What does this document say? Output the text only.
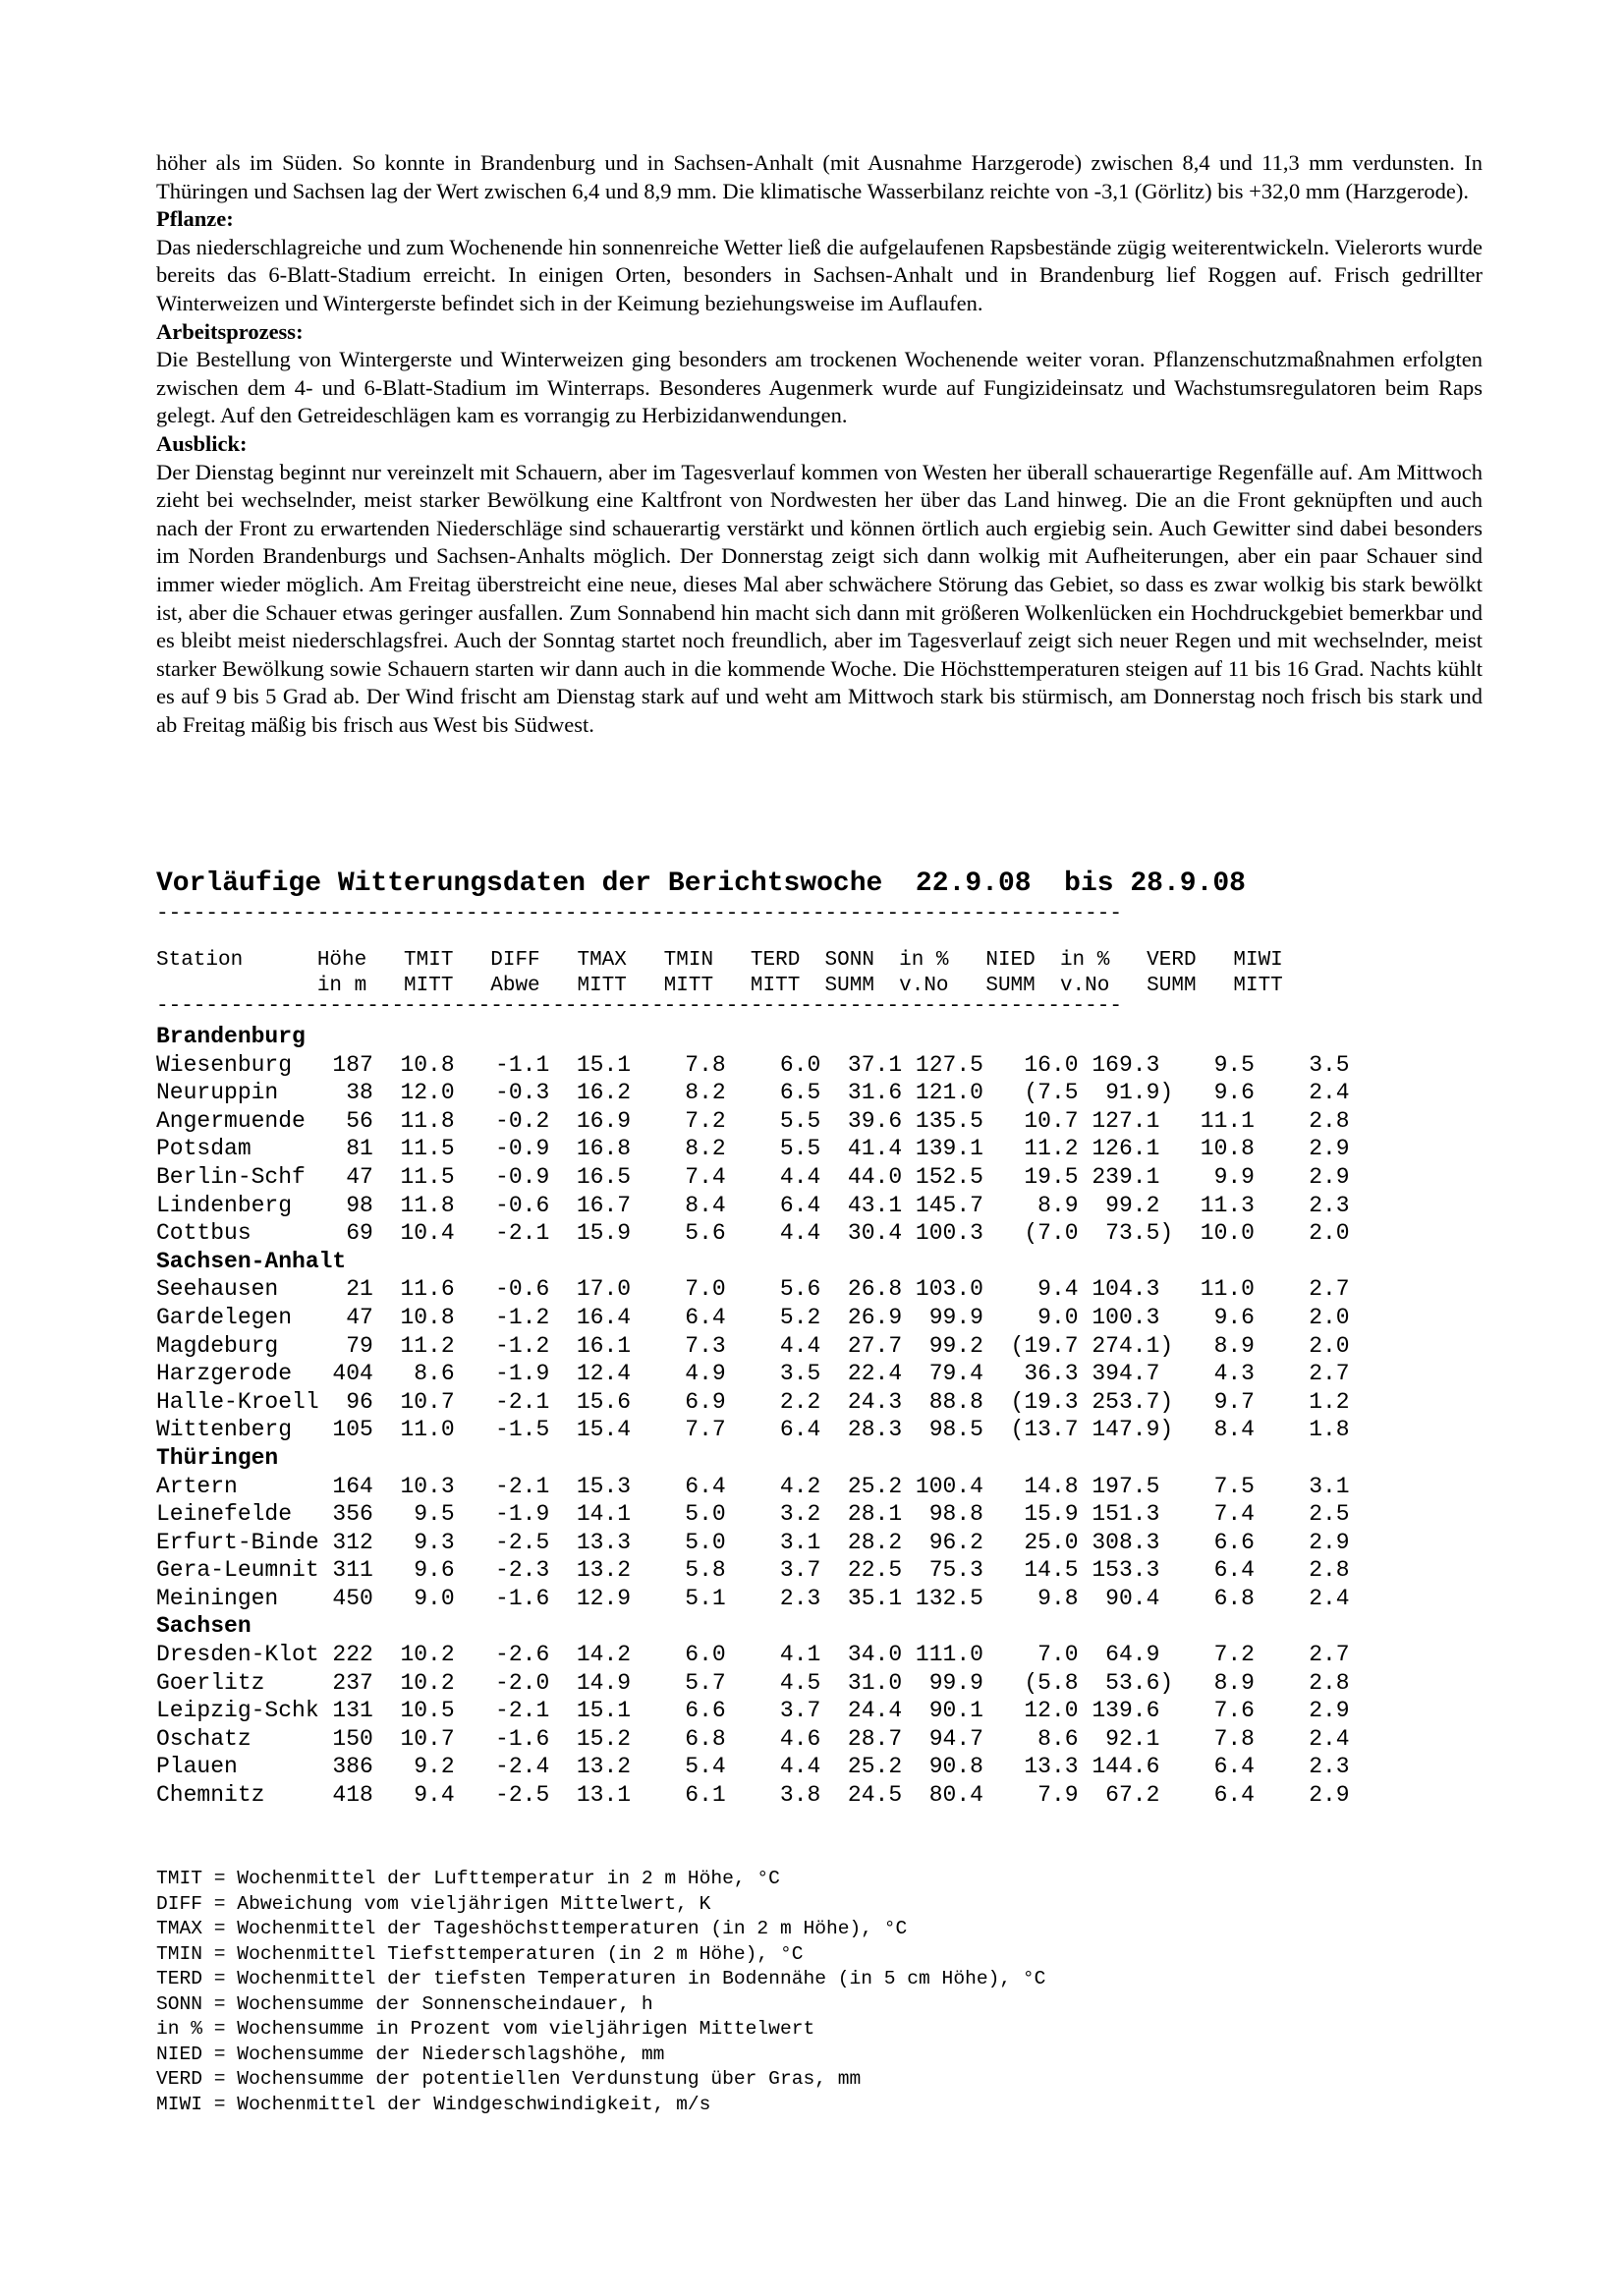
höher als im Süden. So konnte in Brandenburg und in Sachsen-Anhalt (mit Ausnahme Harzgerode) zwischen 8,4 und 11,3 mm verdunsten. In Thüringen und Sachsen lag der Wert zwischen 6,4 und 8,9 mm. Die klimatische Wasserbilanz reichte von -3,1 (Görlitz) bis +32,0 mm (Harzgerode).

Pflanze:

Das niederschlagreiche und zum Wochenende hin sonnenreiche Wetter ließ die aufgelaufenen Rapsbestände zügig weiterentwickeln. Vielerorts wurde bereits das 6-Blatt-Stadium erreicht. In einigen Orten, besonders in Sachsen-Anhalt und in Brandenburg lief Roggen auf. Frisch gedrillter Winterweizen und Wintergerste befindet sich in der Keimung beziehungsweise im Auflaufen.

Arbeitsprozess:

Die Bestellung von Wintergerste und Winterweizen ging besonders am trockenen Wochenende weiter voran. Pflanzenschutzmaßnahmen erfolgten zwischen dem 4- und 6-Blatt-Stadium im Winterraps. Besonderes Augenmerk wurde auf Fungizideinsatz und Wachstumsregulatoren beim Raps gelegt. Auf den Getreideschlägen kam es vorrangig zu Herbizidanwendungen.

Ausblick:

Der Dienstag beginnt nur vereinzelt mit Schauern, aber im Tagesverlauf kommen von Westen her überall schauerartige Regenfälle auf. Am Mittwoch zieht bei wechselnder, meist starker Bewölkung eine Kaltfront von Nordwesten her über das Land hinweg. Die an die Front geknüpften und auch nach der Front zu erwartenden Niederschläge sind schauerartig verstärkt und können örtlich auch ergiebig sein. Auch Gewitter sind dabei besonders im Norden Brandenburgs und Sachsen-Anhalts möglich. Der Donnerstag zeigt sich dann wolkig mit Aufheiterungen, aber ein paar Schauer sind immer wieder möglich. Am Freitag überstreicht eine neue, dieses Mal aber schwächere Störung das Gebiet, so dass es zwar wolkig bis stark bewölkt ist, aber die Schauer etwas geringer ausfallen. Zum Sonnabend hin macht sich dann mit größeren Wolkenlücken ein Hochdruckgebiet bemerkbar und es bleibt meist niederschlagsfrei. Auch der Sonntag startet noch freundlich, aber im Tagesverlauf zeigt sich neuer Regen und mit wechselnder, meist starker Bewölkung sowie Schauern starten wir dann auch in die kommende Woche. Die Höchsttemperaturen steigen auf 11 bis 16 Grad. Nachts kühlt es auf 9 bis 5 Grad ab. Der Wind frischt am Dienstag stark auf und weht am Mittwoch stark bis stürmisch, am Donnerstag noch frisch bis stark und ab Freitag mäßig bis frisch aus West bis Südwest.

Vorläufige Witterungsdaten der Berichtswoche  22.9.08  bis 28.9.08
------------------------------------------------------------------------------
Station      Höhe   TMIT   DIFF   TMAX   TMIN   TERD  SONN  in %   NIED  in %   VERD   MIWI
in m   MITT   Abwe   MITT   MITT   MITT  SUMM  v.No   SUMM  v.No   SUMM   MITT
------------------------------------------------------------------------------
Brandenburg
Wiesenburg   187  10.8   -1.1  15.1    7.8    6.0  37.1 127.5   16.0 169.3    9.5    3.5
Neuruppin     38  12.0   -0.3  16.2    8.2    6.5  31.6 121.0   (7.5  91.9)   9.6    2.4
Angermuende   56  11.8   -0.2  16.9    7.2    5.5  39.6 135.5   10.7 127.1   11.1    2.8
Potsdam       81  11.5   -0.9  16.8    8.2    5.5  41.4 139.1   11.2 126.1   10.8    2.9
Berlin-Schf   47  11.5   -0.9  16.5    7.4    4.4  44.0 152.5   19.5 239.1    9.9    2.9
Lindenberg    98  11.8   -0.6  16.7    8.4    6.4  43.1 145.7    8.9  99.2   11.3    2.3
Cottbus       69  10.4   -2.1  15.9    5.6    4.4  30.4 100.3   (7.0  73.5)  10.0    2.0
Sachsen-Anhalt
Seehausen     21  11.6   -0.6  17.0    7.0    5.6  26.8 103.0    9.4 104.3   11.0    2.7
Gardelegen    47  10.8   -1.2  16.4    6.4    5.2  26.9  99.9    9.0 100.3    9.6    2.0
Magdeburg     79  11.2   -1.2  16.1    7.3    4.4  27.7  99.2  (19.7 274.1)   8.9    2.0
Harzgerode   404   8.6   -1.9  12.4    4.9    3.5  22.4  79.4   36.3 394.7    4.3    2.7
Halle-Kroell  96  10.7   -2.1  15.6    6.9    2.2  24.3  88.8  (19.3 253.7)   9.7    1.2
Wittenberg   105  11.0   -1.5  15.4    7.7    6.4  28.3  98.5  (13.7 147.9)   8.4    1.8
Thüringen
Artern       164  10.3   -2.1  15.3    6.4    4.2  25.2 100.4   14.8 197.5    7.5    3.1
Leinefelde   356   9.5   -1.9  14.1    5.0    3.2  28.1  98.8   15.9 151.3    7.4    2.5
Erfurt-Binde 312   9.3   -2.5  13.3    5.0    3.1  28.2  96.2   25.0 308.3    6.6    2.9
Gera-Leumnit 311   9.6   -2.3  13.2    5.8    3.7  22.5  75.3   14.5 153.3    6.4    2.8
Meiningen    450   9.0   -1.6  12.9    5.1    2.3  35.1 132.5    9.8  90.4    6.8    2.4
Sachsen
Dresden-Klot 222  10.2   -2.6  14.2    6.0    4.1  34.0 111.0    7.0  64.9    7.2    2.7
Goerlitz     237  10.2   -2.0  14.9    5.7    4.5  31.0  99.9   (5.8  53.6)   8.9    2.8
Leipzig-Schk 131  10.5   -2.1  15.1    6.6    3.7  24.4  90.1   12.0 139.6    7.6    2.9
Oschatz      150  10.7   -1.6  15.2    6.8    4.6  28.7  94.7    8.6  92.1    7.8    2.4
Plauen       386   9.2   -2.4  13.2    5.4    4.4  25.2  90.8   13.3 144.6    6.4    2.3
Chemnitz     418   9.4   -2.5  13.1    6.1    3.8  24.5  80.4    7.9  67.2    6.4    2.9
TMIT = Wochenmittel der Lufttemperatur in 2 m Höhe, °C
DIFF = Abweichung vom vieljährigen Mittelwert, K
TMAX = Wochenmittel der Tageshöchsttemperaturen (in 2 m Höhe), °C
TMIN = Wochenmittel Tiefsttemperaturen (in 2 m Höhe), °C
TERD = Wochenmittel der tiefsten Temperaturen in Bodennähe (in 5 cm Höhe), °C
SONN = Wochensumme der Sonnenscheindauer, h
in % = Wochensumme in Prozent vom vieljährigen Mittelwert
NIED = Wochensumme der Niederschlagshöhe, mm
VERD = Wochensumme der potentiellen Verdunstung über Gras, mm
MIWI = Wochenmittel der Windgeschwindigkeit, m/s
